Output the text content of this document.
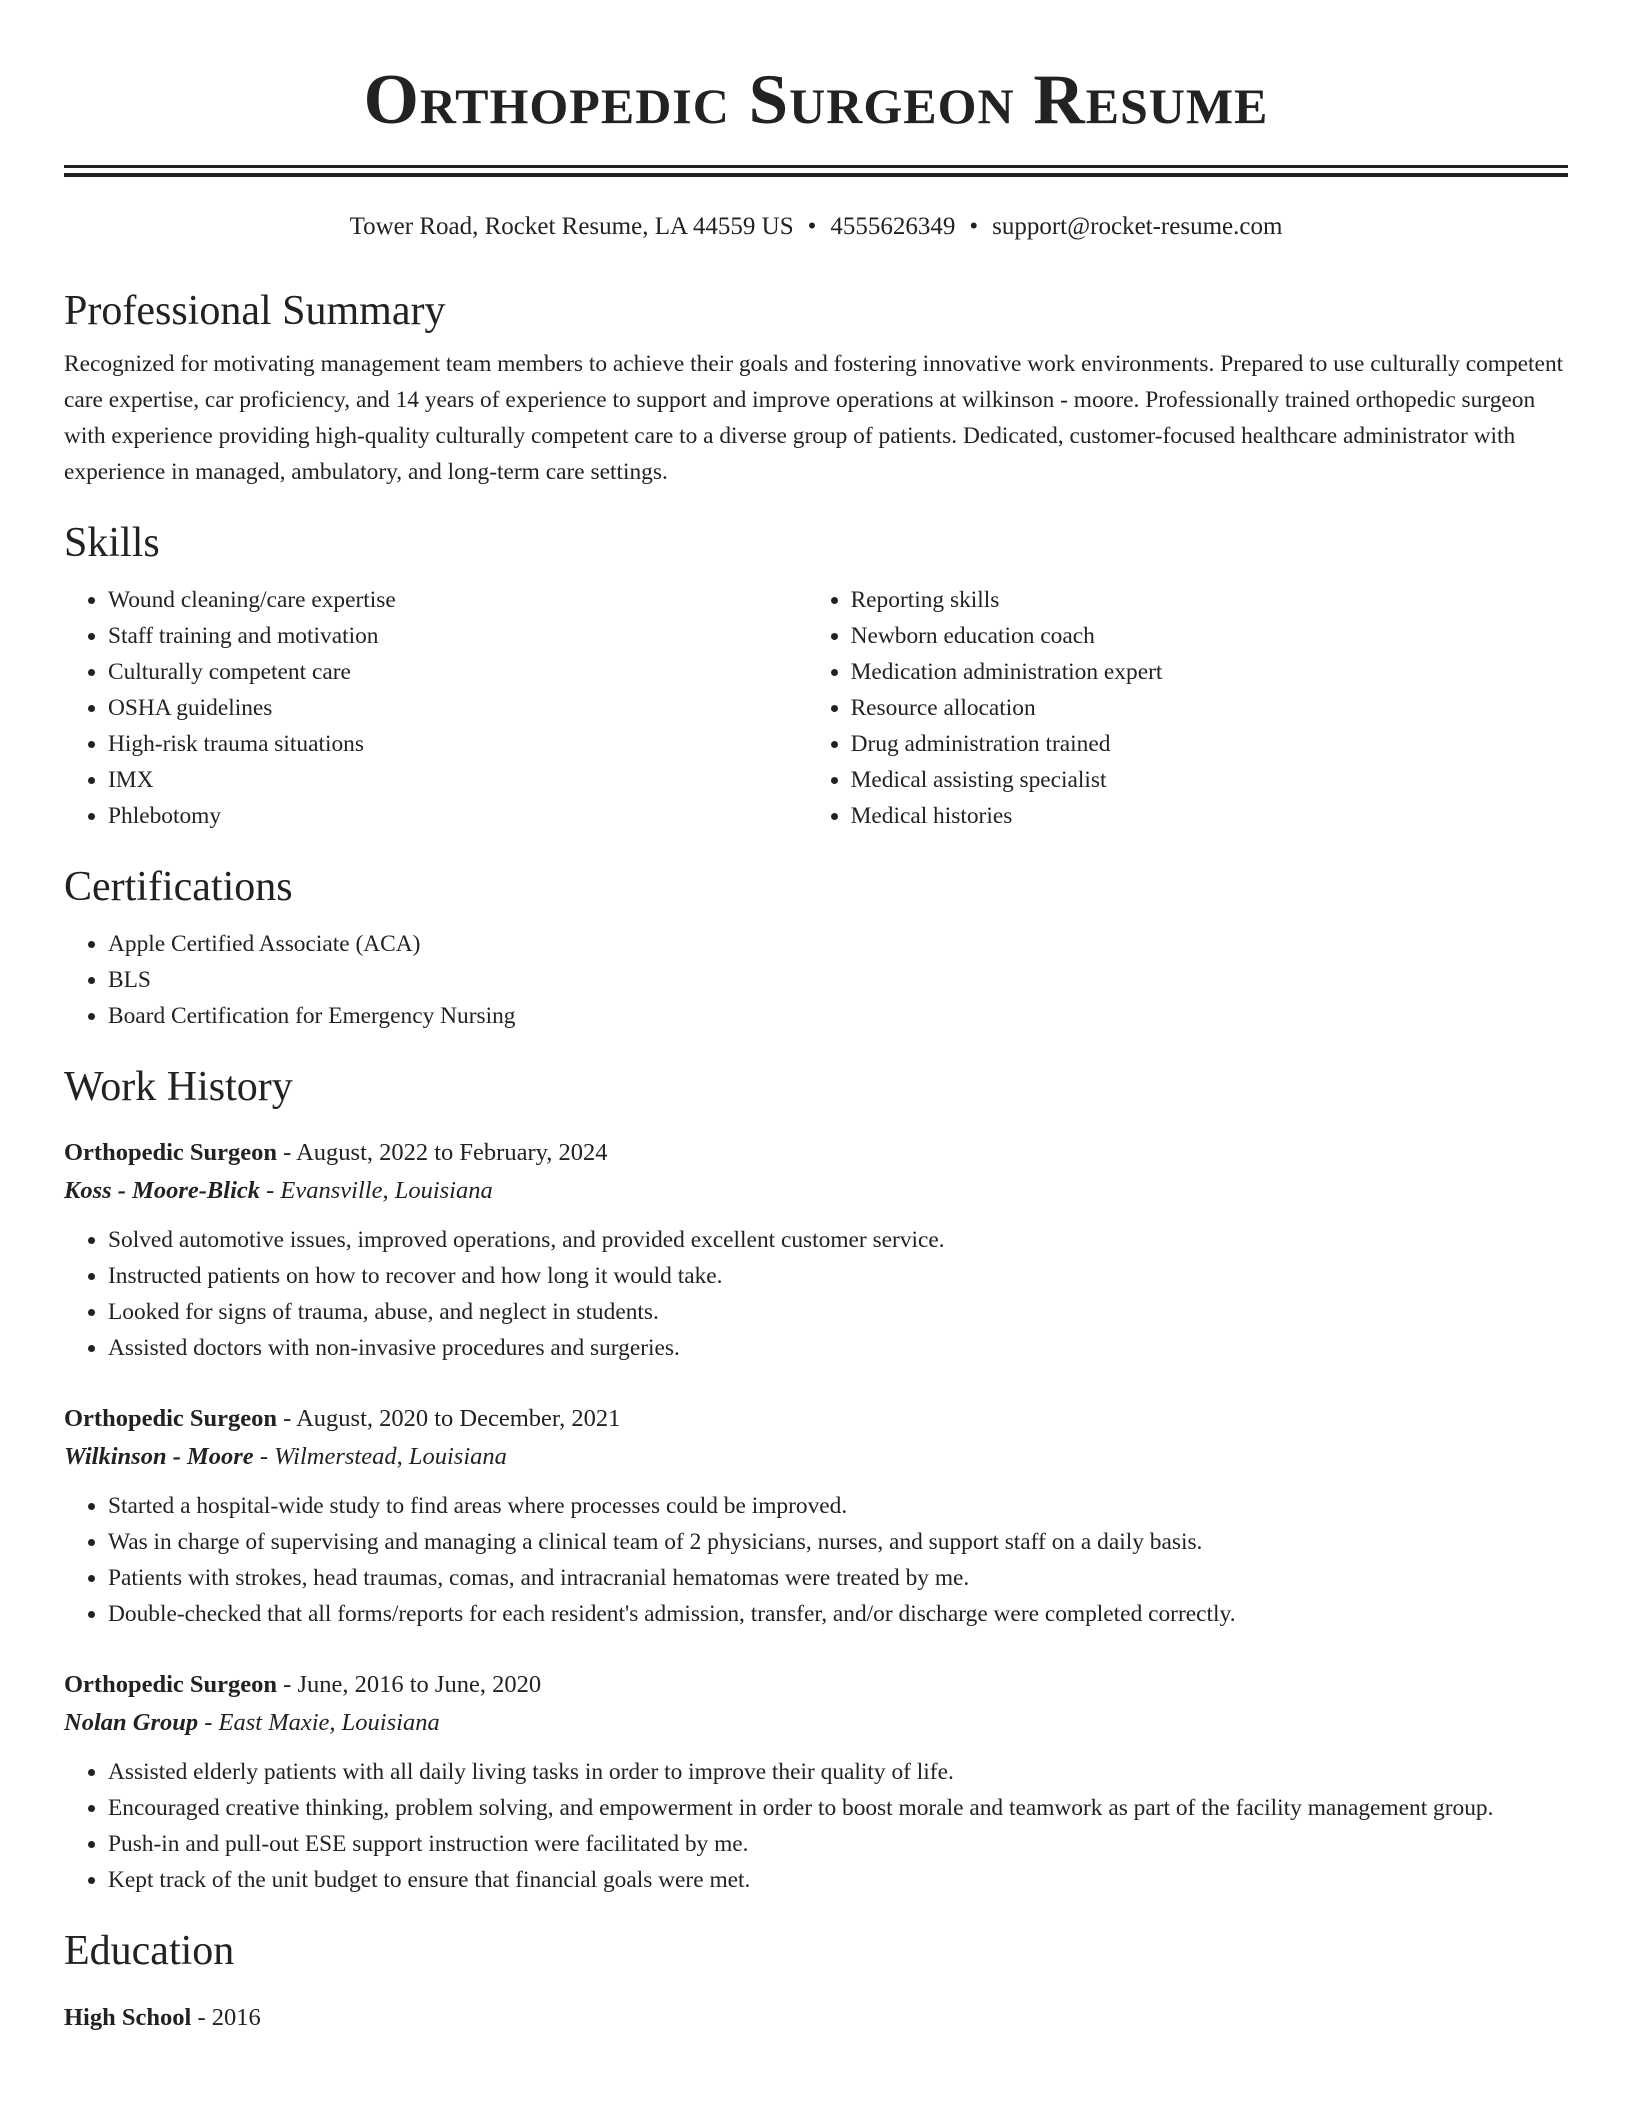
Orthopedic Surgeon Resume
Tower Road, Rocket Resume, LA 44559 US • 4555626349 • support@rocket-resume.com
Professional Summary
Recognized for motivating management team members to achieve their goals and fostering innovative work environments. Prepared to use culturally competent care expertise, car proficiency, and 14 years of experience to support and improve operations at wilkinson - moore. Professionally trained orthopedic surgeon with experience providing high-quality culturally competent care to a diverse group of patients. Dedicated, customer-focused healthcare administrator with experience in managed, ambulatory, and long-term care settings.
Skills
• Wound cleaning/care expertise
• Staff training and motivation
• Culturally competent care
• OSHA guidelines
• High-risk trauma situations
• IMX
• Phlebotomy
• Reporting skills
• Newborn education coach
• Medication administration expert
• Resource allocation
• Drug administration trained
• Medical assisting specialist
• Medical histories
Certifications
• Apple Certified Associate (ACA)
• BLS
• Board Certification for Emergency Nursing
Work History
Orthopedic Surgeon - August, 2022 to February, 2024
Koss - Moore-Blick - Evansville, Louisiana
• Solved automotive issues, improved operations, and provided excellent customer service.
• Instructed patients on how to recover and how long it would take.
• Looked for signs of trauma, abuse, and neglect in students.
• Assisted doctors with non-invasive procedures and surgeries.
Orthopedic Surgeon - August, 2020 to December, 2021
Wilkinson - Moore - Wilmerstead, Louisiana
• Started a hospital-wide study to find areas where processes could be improved.
• Was in charge of supervising and managing a clinical team of 2 physicians, nurses, and support staff on a daily basis.
• Patients with strokes, head traumas, comas, and intracranial hematomas were treated by me.
• Double-checked that all forms/reports for each resident's admission, transfer, and/or discharge were completed correctly.
Orthopedic Surgeon - June, 2016 to June, 2020
Nolan Group - East Maxie, Louisiana
• Assisted elderly patients with all daily living tasks in order to improve their quality of life.
• Encouraged creative thinking, problem solving, and empowerment in order to boost morale and teamwork as part of the facility management group.
• Push-in and pull-out ESE support instruction were facilitated by me.
• Kept track of the unit budget to ensure that financial goals were met.
Education
High School - 2016
